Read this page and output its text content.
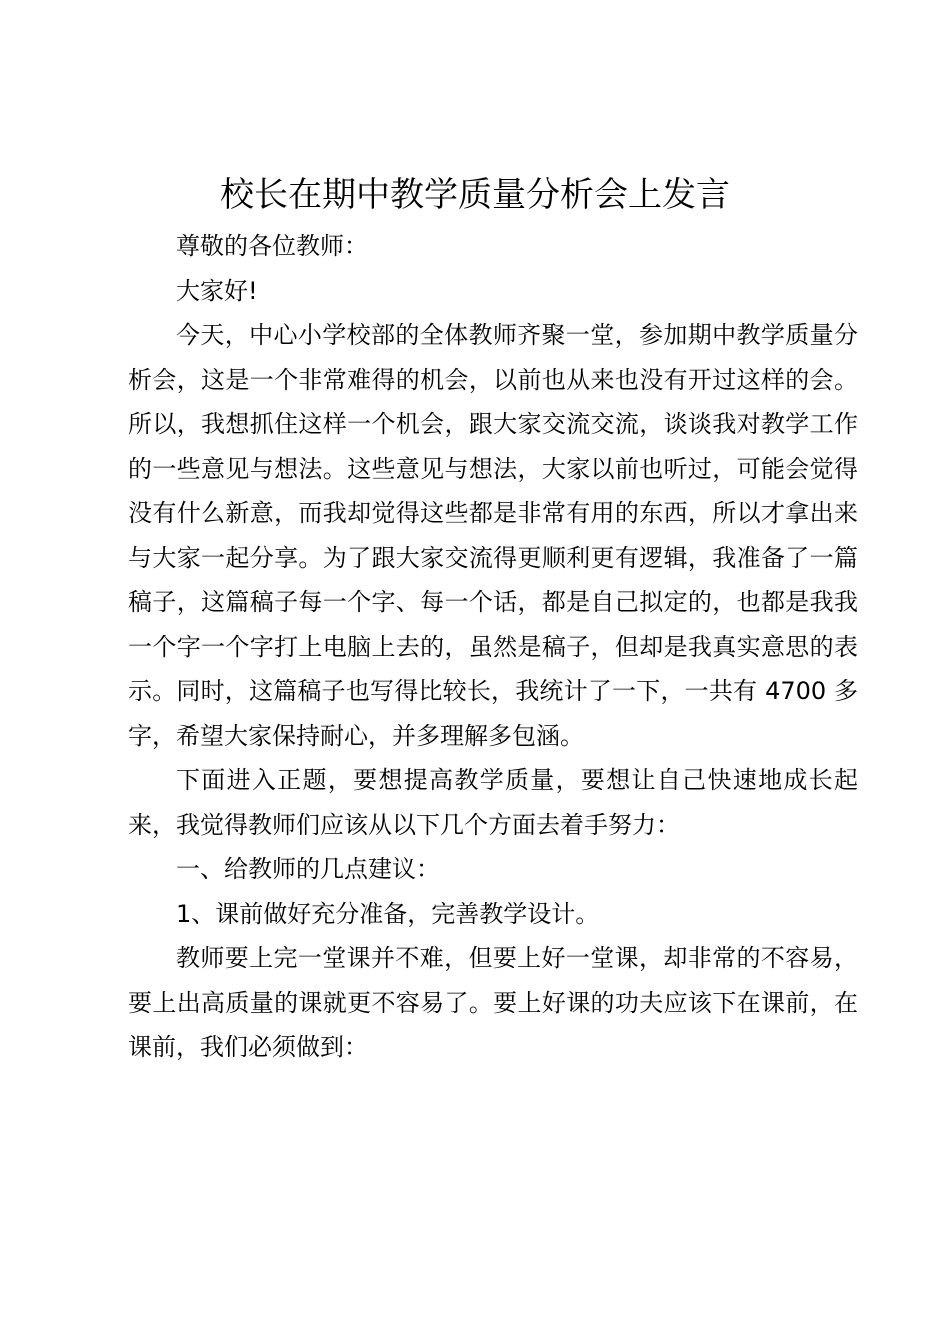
校长在期中教学质量分析会上发言

尊敬的各位教师：

大家好!

今天，中心小学校部的全体教师齐聚一堂，参加期中教学质量分析会，这是一个非常难得的机会，以前也从来也没有开过这样的会。所以，我想抓住这样一个机会，跟大家交流交流，谈谈我对教学工作的一些意见与想法。这些意见与想法，大家以前也听过，可能会觉得没有什么新意，而我却觉得这些都是非常有用的东西，所以才拿出来与大家一起分享。为了跟大家交流得更顺利更有逻辑，我准备了一篇稿子，这篇稿子每一个字、每一个话，都是自己拟定的，也都是我我一个字一个字打上电脑上去的，虽然是稿子，但却是我真实意思的表示。同时，这篇稿子也写得比较长，我统计了一下，一共有 4700 多字，希望大家保持耐心，并多理解多包涵。

下面进入正题，要想提高教学质量，要想让自己快速地成长起来，我觉得教师们应该从以下几个方面去着手努力：

一、给教师的几点建议：

1、课前做好充分准备，完善教学设计。

教师要上完一堂课并不难，但要上好一堂课，却非常的不容易，要上出高质量的课就更不容易了。要上好课的功夫应该下在课前，在课前，我们必须做到：
